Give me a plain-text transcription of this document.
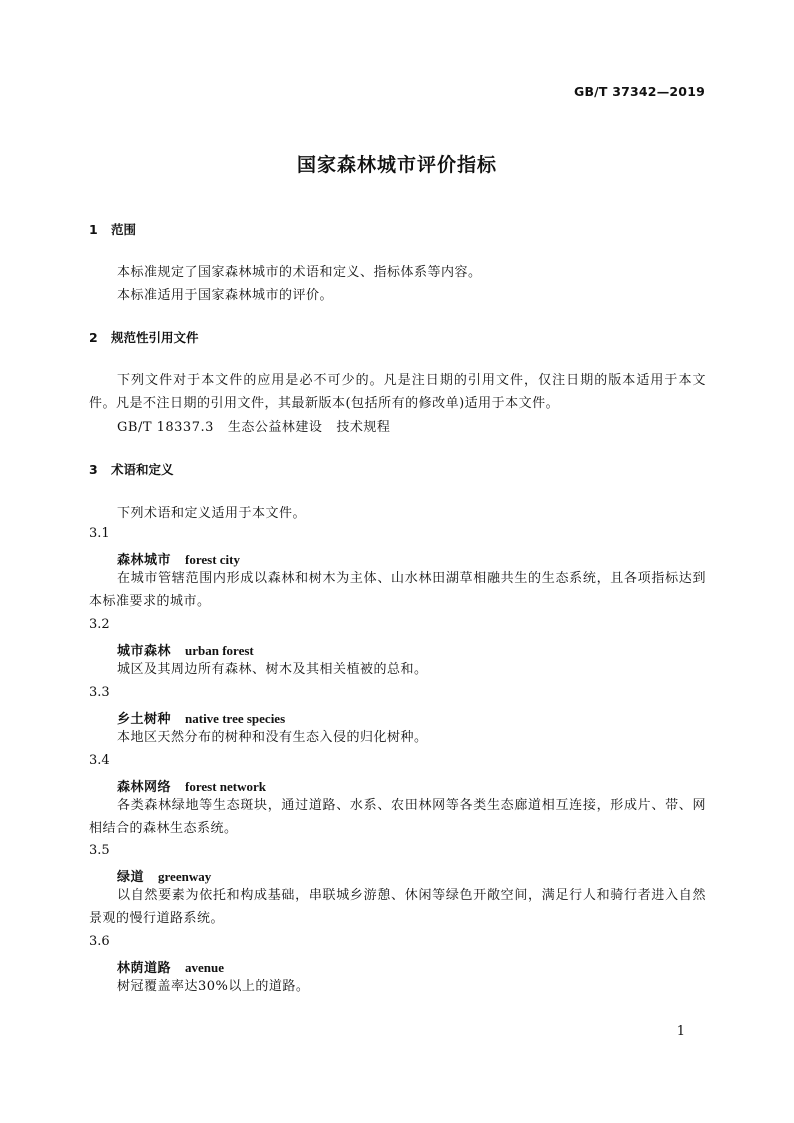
GB/T 37342—2019
国家森林城市评价指标
1 范围
本标准规定了国家森林城市的术语和定义、指标体系等内容。
本标准适用于国家森林城市的评价。
2 规范性引用文件
下列文件对于本文件的应用是必不可少的。凡是注日期的引用文件，仅注日期的版本适用于本文件。凡是不注日期的引用文件，其最新版本(包括所有的修改单)适用于本文件。
GB/T 18337.3 生态公益林建设 技术规程
3 术语和定义
下列术语和定义适用于本文件。
3.1
森林城市 forest city
在城市管辖范围内形成以森林和树木为主体、山水林田湖草相融共生的生态系统，且各项指标达到本标准要求的城市。
3.2
城市森林 urban forest
城区及其周边所有森林、树木及其相关植被的总和。
3.3
乡土树种 native tree species
本地区天然分布的树种和没有生态入侵的归化树种。
3.4
森林网络 forest network
各类森林绿地等生态斑块，通过道路、水系、农田林网等各类生态廊道相互连接，形成片、带、网相结合的森林生态系统。
3.5
绿道 greenway
以自然要素为依托和构成基础，串联城乡游憩、休闲等绿色开敞空间，满足行人和骑行者进入自然景观的慢行道路系统。
3.6
林荫道路 avenue
树冠覆盖率达30%以上的道路。
1
